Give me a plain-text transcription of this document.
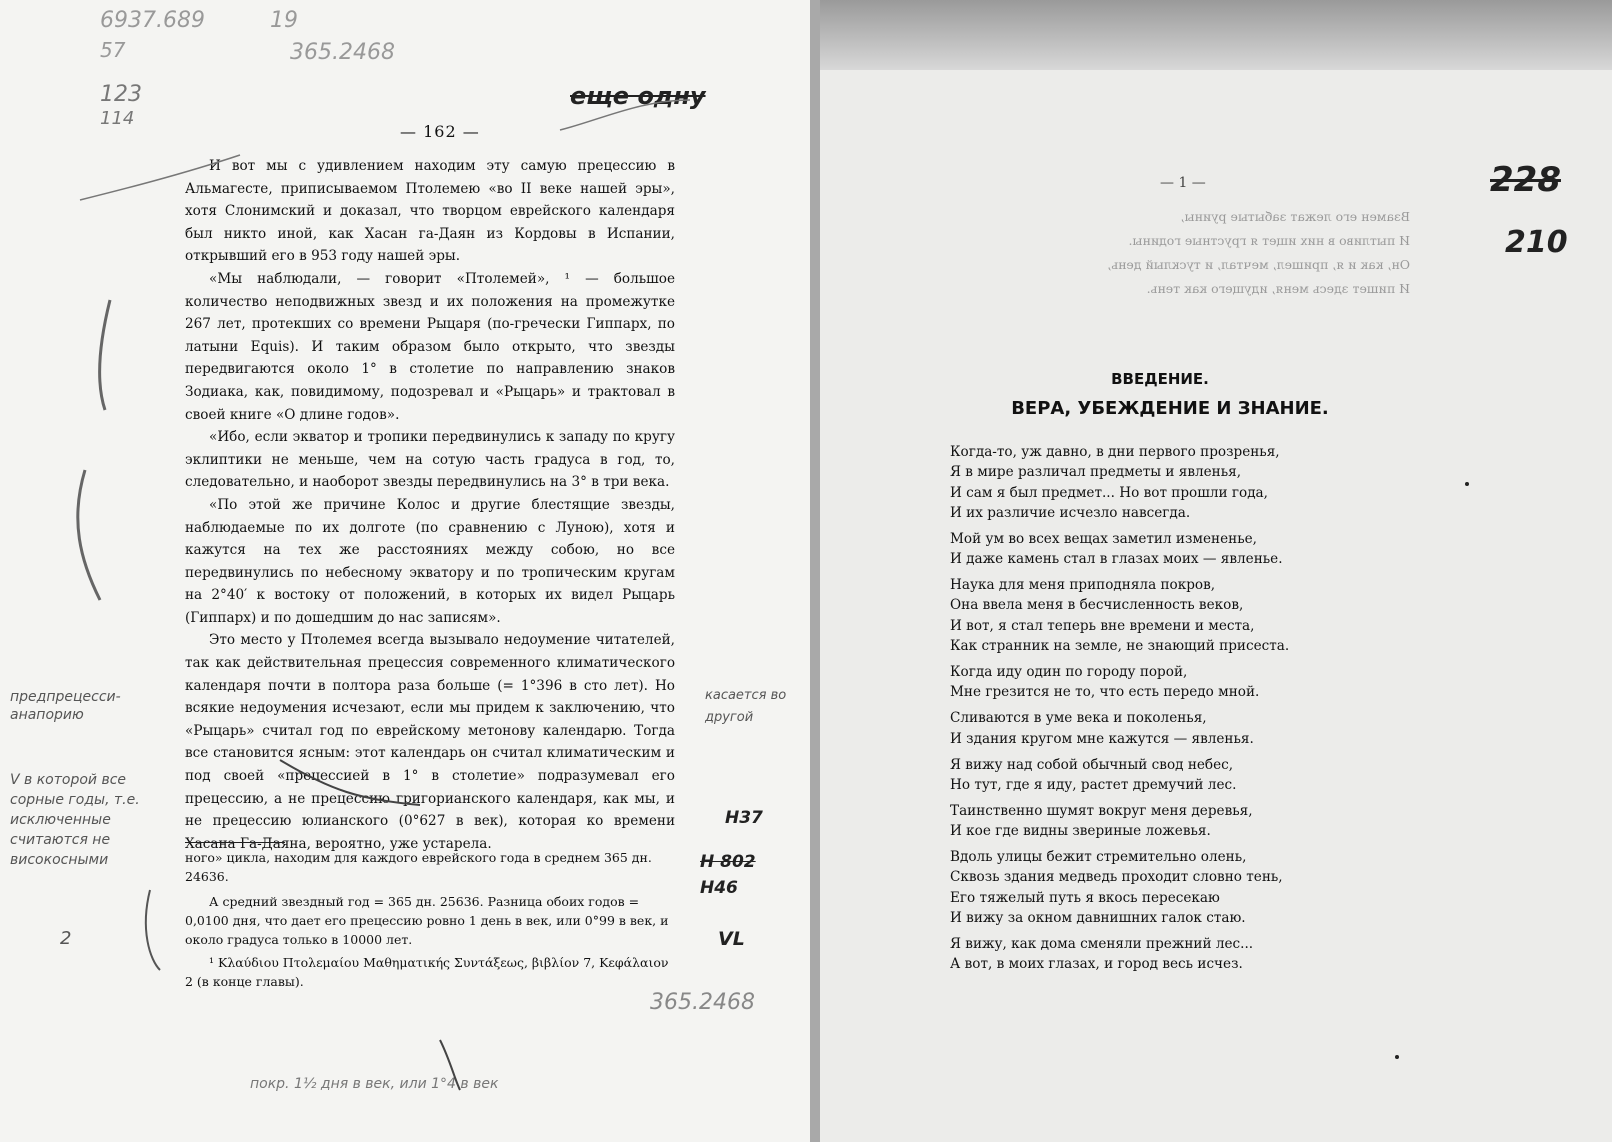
6937.689	19
57	365.2468
123
114
еще одну
— 162 —

И вот мы с удивлением находим эту самую прецессию в Альмагесте, приписываемом Птолемею «во II веке нашей эры», хотя Слонимский и доказал, что творцом еврейского календаря был никто иной, как Хасан га-Даян из Кордовы в Испании, открывший его в 953 году нашей эры.

«Мы наблюдали, — говорит «Птолемей», ¹ — большое количество неподвижных звезд и их положения на промежутке 267 лет, протекших со времени Рыцаря (по-гречески Гиппарх, по латыни Equis). И таким образом было открыто, что звезды передвигаются около 1° в столетие по направлению знаков Зодиака, как, повидимому, подозревал и «Рыцарь» и трактовал в своей книге «О длине годов».

«Ибо, если экватор и тропики передвинулись к западу по кругу эклиптики не меньше, чем на сотую часть градуса в год, то, следовательно, и наоборот звезды передвинулись на 3° в три века.

«По этой же причине Колос и другие блестящие звезды, наблюдаемые по их долготе (по сравнению с Луною), хотя и кажутся на тех же расстояниях между собою, но все передвинулись по небесному экватору и по тропическим кругам на 2°40′ к востоку от положений, в которых их видел Рыцарь (Гиппарх) и по дошедшим до нас записям».

Это место у Птолемея всегда вызывало недоумение читателей, так как действительная прецессия современного климатического календаря почти в полтора раза больше (= 1°396 в сто лет). Но всякие недоумения исчезают, если мы придем к заключению, что «Рыцарь» считал год по еврейскому метонову календарю. Тогда все становится ясным: этот календарь он считал климатическим и под своей «прецессией в 1° в столетие» подразумевал его прецессию, а не прецессию григорианского календаря, как мы, и не прецессию юлианского (0°627 в век), которая ко времени Хасана Га-Даяна, вероятно, уже устарела.

ного» цикла, находим для каждого еврейского года в среднем 365 дн. 24636.

А средний звездный год = 365 дн. 25636. Разница обоих годов = 0,0100 дня, что дает его прецессию ровно 1 день в век, или 0°99 в век, и около градуса только в 10000 лет.

¹ Κλαύδιου Πτολεμαίου Μαθηματικής Συντάξεως, βιβλίον 7, Κεφάλαιον 2 (в конце главы).

предпрецесси-анапорию
V в которой все сорные годы, т.е. исключенные считаются не високосными
касается во другой
H37
H 802
H46
VL
2
365.2468
покр. 1½ дня в век, или 1°4 в век
— 1 —	228
210
Взамен его лежат забытые руины,
И пытливо в них ищет я грустные годины.
Он, как и я, пришел, мечтал, и тусклый день,
И пишет здесь меня, идущего как тень.
ВВЕДЕНИЕ.
ВЕРА, УБЕЖДЕНИЕ И ЗНАНИЕ.
Когда-то, уж давно, в дни первого прозренья,
Я в мире различал предметы и явленья,
И сам я был предмет... Но вот прошли года,
И их различие исчезло навсегда.
Мой ум во всех вещах заметил измененье,
И даже камень стал в глазах моих — явленье.
Наука для меня приподняла покров,
Она ввела меня в бесчисленность веков,
И вот, я стал теперь вне времени и места,
Как странник на земле, не знающий присеста.
Когда иду один по городу порой,
Мне грезится не то, что есть передо мной.
Сливаются в уме века и поколенья,
И здания кругом мне кажутся — явленья.
Я вижу над собой обычный свод небес,
Но тут, где я иду, растет дремучий лес.
Таинственно шумят вокруг меня деревья,
И кое где видны звериные ложевья.
Вдоль улицы бежит стремительно олень,
Сквозь здания медведь проходит словно тень,
Его тяжелый путь я вкось пересекаю
И вижу за окном давнишних галок стаю.
Я вижу, как дома сменяли прежний лес...
А вот, в моих глазах, и город весь исчез.
